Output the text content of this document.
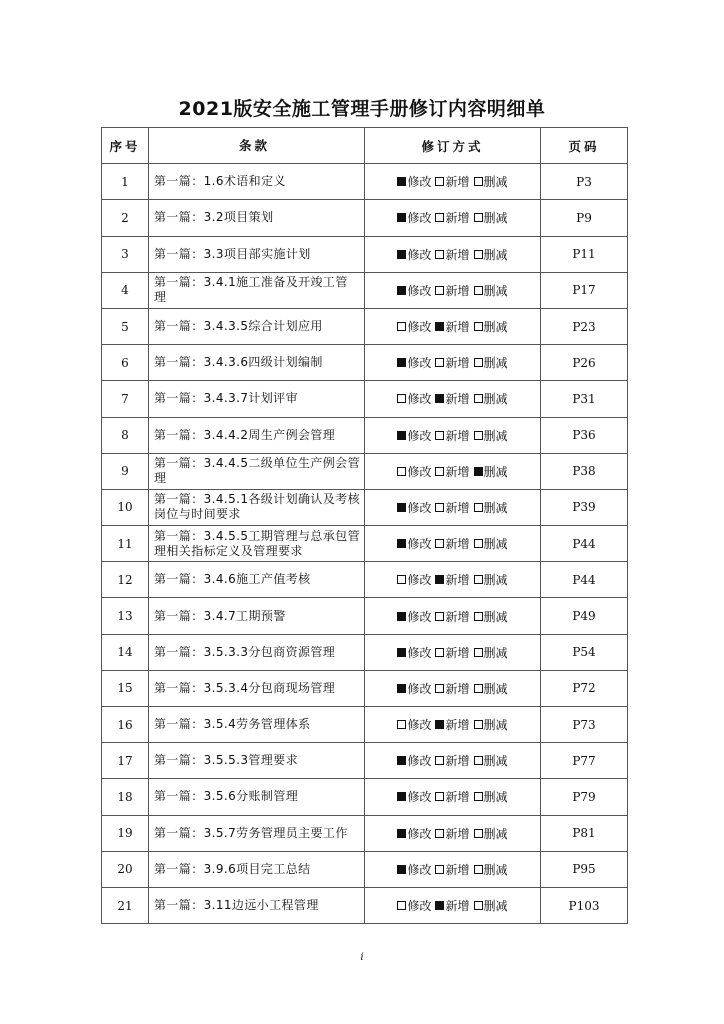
2021版安全施工管理手册修订内容明细单
序号	条款	修订方式	页码
1	第一篇：1.6术语和定义	修改 新增 删减	P3
2	第一篇：3.2项目策划	修改 新增 删减	P9
3	第一篇：3.3项目部实施计划	修改 新增 删减	P11
4	第一篇：3.4.1施工准备及开竣工管理	修改 新增 删减	P17
5	第一篇：3.4.3.5综合计划应用	修改 新增 删减	P23
6	第一篇：3.4.3.6四级计划编制	修改 新增 删减	P26
7	第一篇：3.4.3.7计划评审	修改 新增 删减	P31
8	第一篇：3.4.4.2周生产例会管理	修改 新增 删减	P36
9	第一篇：3.4.4.5二级单位生产例会管理	修改 新增 删减	P38
10	第一篇：3.4.5.1各级计划确认及考核岗位与时间要求	修改 新增 删减	P39
11	第一篇：3.4.5.5工期管理与总承包管理相关指标定义及管理要求	修改 新增 删减	P44
12	第一篇：3.4.6施工产值考核	修改 新增 删减	P44
13	第一篇：3.4.7工期预警	修改 新增 删减	P49
14	第一篇：3.5.3.3分包商资源管理	修改 新增 删减	P54
15	第一篇：3.5.3.4分包商现场管理	修改 新增 删减	P72
16	第一篇：3.5.4劳务管理体系	修改 新增 删减	P73
17	第一篇：3.5.5.3管理要求	修改 新增 删减	P77
18	第一篇：3.5.6分账制管理	修改 新增 删减	P79
19	第一篇：3.5.7劳务管理员主要工作	修改 新增 删减	P81
20	第一篇：3.9.6项目完工总结	修改 新增 删减	P95
21	第一篇：3.11边远小工程管理	修改 新增 删减	P103
i
